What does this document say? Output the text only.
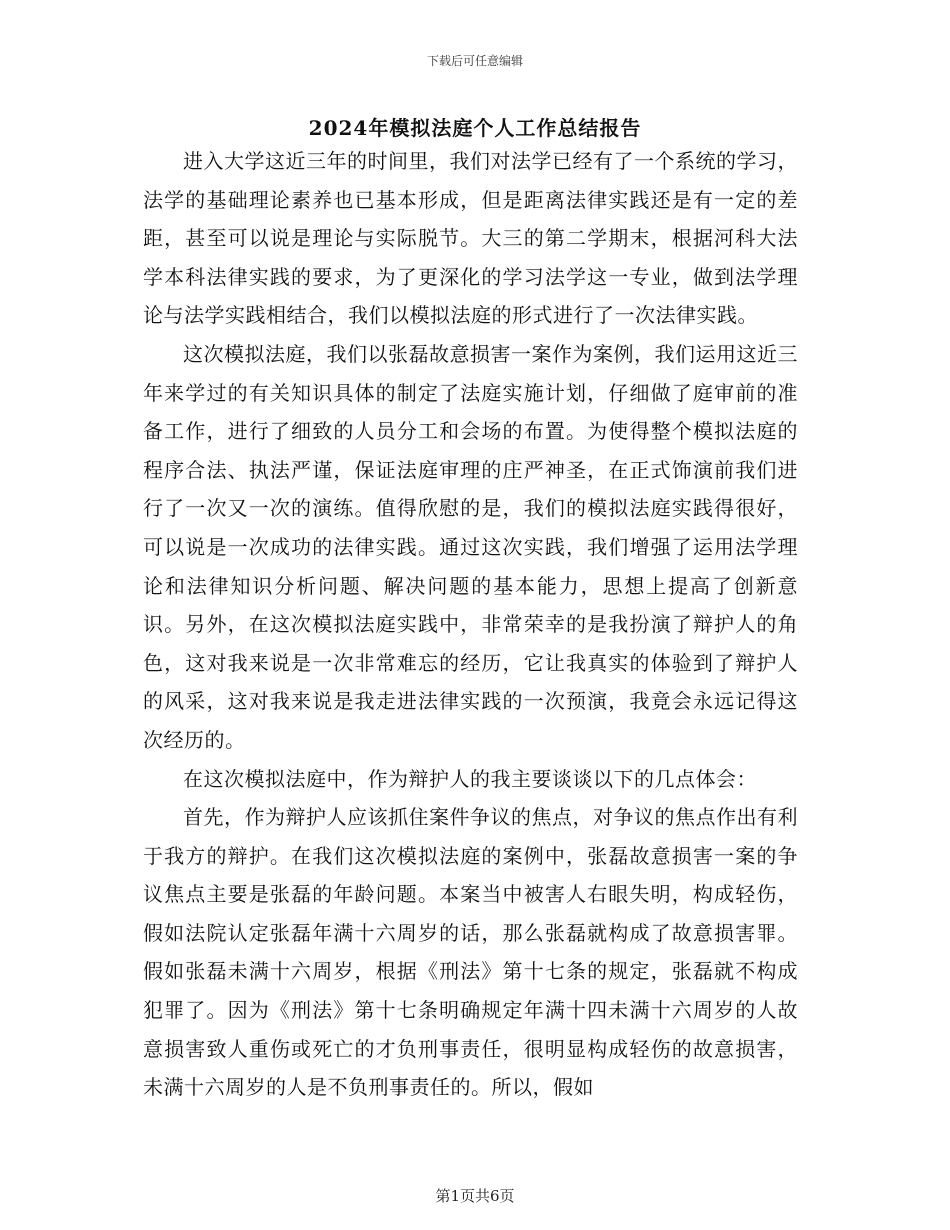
下载后可任意编辑
2024年模拟法庭个人工作总结报告

进入大学这近三年的时间里，我们对法学已经有了一个系统的学习，法学的基础理论素养也已基本形成，但是距离法律实践还是有一定的差距，甚至可以说是理论与实际脱节。大三的第二学期末，根据河科大法学本科法律实践的要求，为了更深化的学习法学这一专业，做到法学理论与法学实践相结合，我们以模拟法庭的形式进行了一次法律实践。

这次模拟法庭，我们以张磊故意损害一案作为案例，我们运用这近三年来学过的有关知识具体的制定了法庭实施计划，仔细做了庭审前的准备工作，进行了细致的人员分工和会场的布置。为使得整个模拟法庭的程序合法、执法严谨，保证法庭审理的庄严神圣，在正式饰演前我们进行了一次又一次的演练。值得欣慰的是，我们的模拟法庭实践得很好，可以说是一次成功的法律实践。通过这次实践，我们增强了运用法学理论和法律知识分析问题、解决问题的基本能力，思想上提高了创新意识。另外，在这次模拟法庭实践中，非常荣幸的是我扮演了辩护人的角色，这对我来说是一次非常难忘的经历，它让我真实的体验到了辩护人的风采，这对我来说是我走进法律实践的一次预演，我竟会永远记得这次经历的。

在这次模拟法庭中，作为辩护人的我主要谈谈以下的几点体会：

首先，作为辩护人应该抓住案件争议的焦点，对争议的焦点作出有利于我方的辩护。在我们这次模拟法庭的案例中，张磊故意损害一案的争议焦点主要是张磊的年龄问题。本案当中被害人右眼失明，构成轻伤，假如法院认定张磊年满十六周岁的话，那么张磊就构成了故意损害罪。假如张磊未满十六周岁，根据《刑法》第十七条的规定，张磊就不构成犯罪了。因为《刑法》第十七条明确规定年满十四未满十六周岁的人故意损害致人重伤或死亡的才负刑事责任，很明显构成轻伤的故意损害，未满十六周岁的人是不负刑事责任的。所以，假如

第1页共6页
